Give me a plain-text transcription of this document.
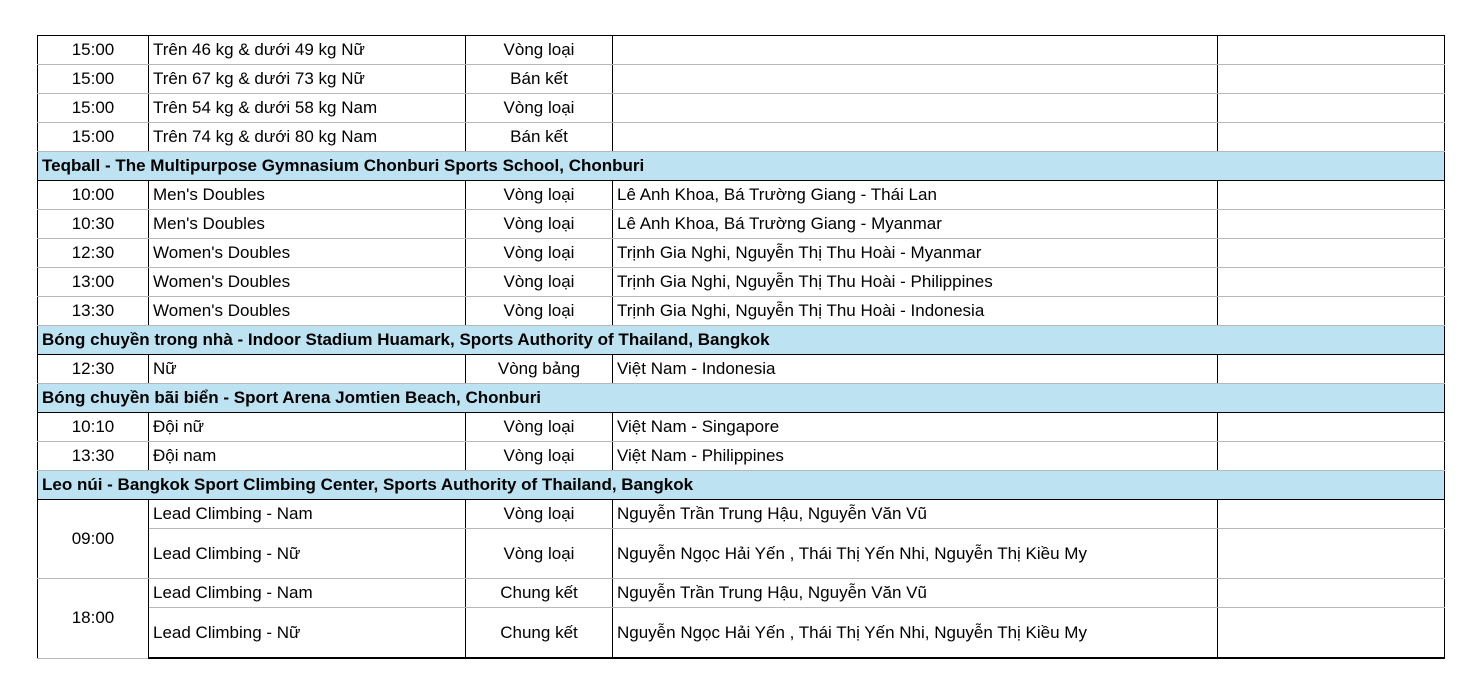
15:00	Trên 46 kg & dưới 49 kg Nữ	Vòng loại		
15:00	Trên 67 kg & dưới 73 kg Nữ	Bán kết		
15:00	Trên 54 kg & dưới 58 kg Nam	Vòng loại		
15:00	Trên 74 kg & dưới 80 kg Nam	Bán kết		
Teqball - The Multipurpose Gymnasium Chonburi Sports School, Chonburi				
10:00	Men's Doubles	Vòng loại	Lê Anh Khoa, Bá Trường Giang - Thái Lan	
10:30	Men's Doubles	Vòng loại	Lê Anh Khoa, Bá Trường Giang - Myanmar	
12:30	Women's Doubles	Vòng loại	Trịnh Gia Nghi, Nguyễn Thị Thu Hoài - Myanmar	
13:00	Women's Doubles	Vòng loại	Trịnh Gia Nghi, Nguyễn Thị Thu Hoài - Philippines	
13:30	Women's Doubles	Vòng loại	Trịnh Gia Nghi, Nguyễn Thị Thu Hoài - Indonesia	
Bóng chuyền trong nhà - Indoor Stadium Huamark, Sports Authority of Thailand, Bangkok				
12:30	Nữ	Vòng bảng	Việt Nam - Indonesia	
Bóng chuyền bãi biển - Sport Arena Jomtien Beach, Chonburi				
10:10	Đội nữ	Vòng loại	Việt Nam - Singapore	
13:30	Đội nam	Vòng loại	Việt Nam - Philippines	
Leo núi - Bangkok Sport Climbing Center, Sports Authority of Thailand, Bangkok				
09:00	Lead Climbing - Nam	Vòng loại	Nguyễn Trần Trung Hậu, Nguyễn Văn Vũ	
	Lead Climbing - Nữ	Vòng loại	Nguyễn Ngọc Hải Yến , Thái Thị Yến Nhi, Nguyễn Thị Kiều My	
18:00	Lead Climbing - Nam	Chung kết	Nguyễn Trần Trung Hậu, Nguyễn Văn Vũ	
	Lead Climbing - Nữ	Chung kết	Nguyễn Ngọc Hải Yến , Thái Thị Yến Nhi, Nguyễn Thị Kiều My	
